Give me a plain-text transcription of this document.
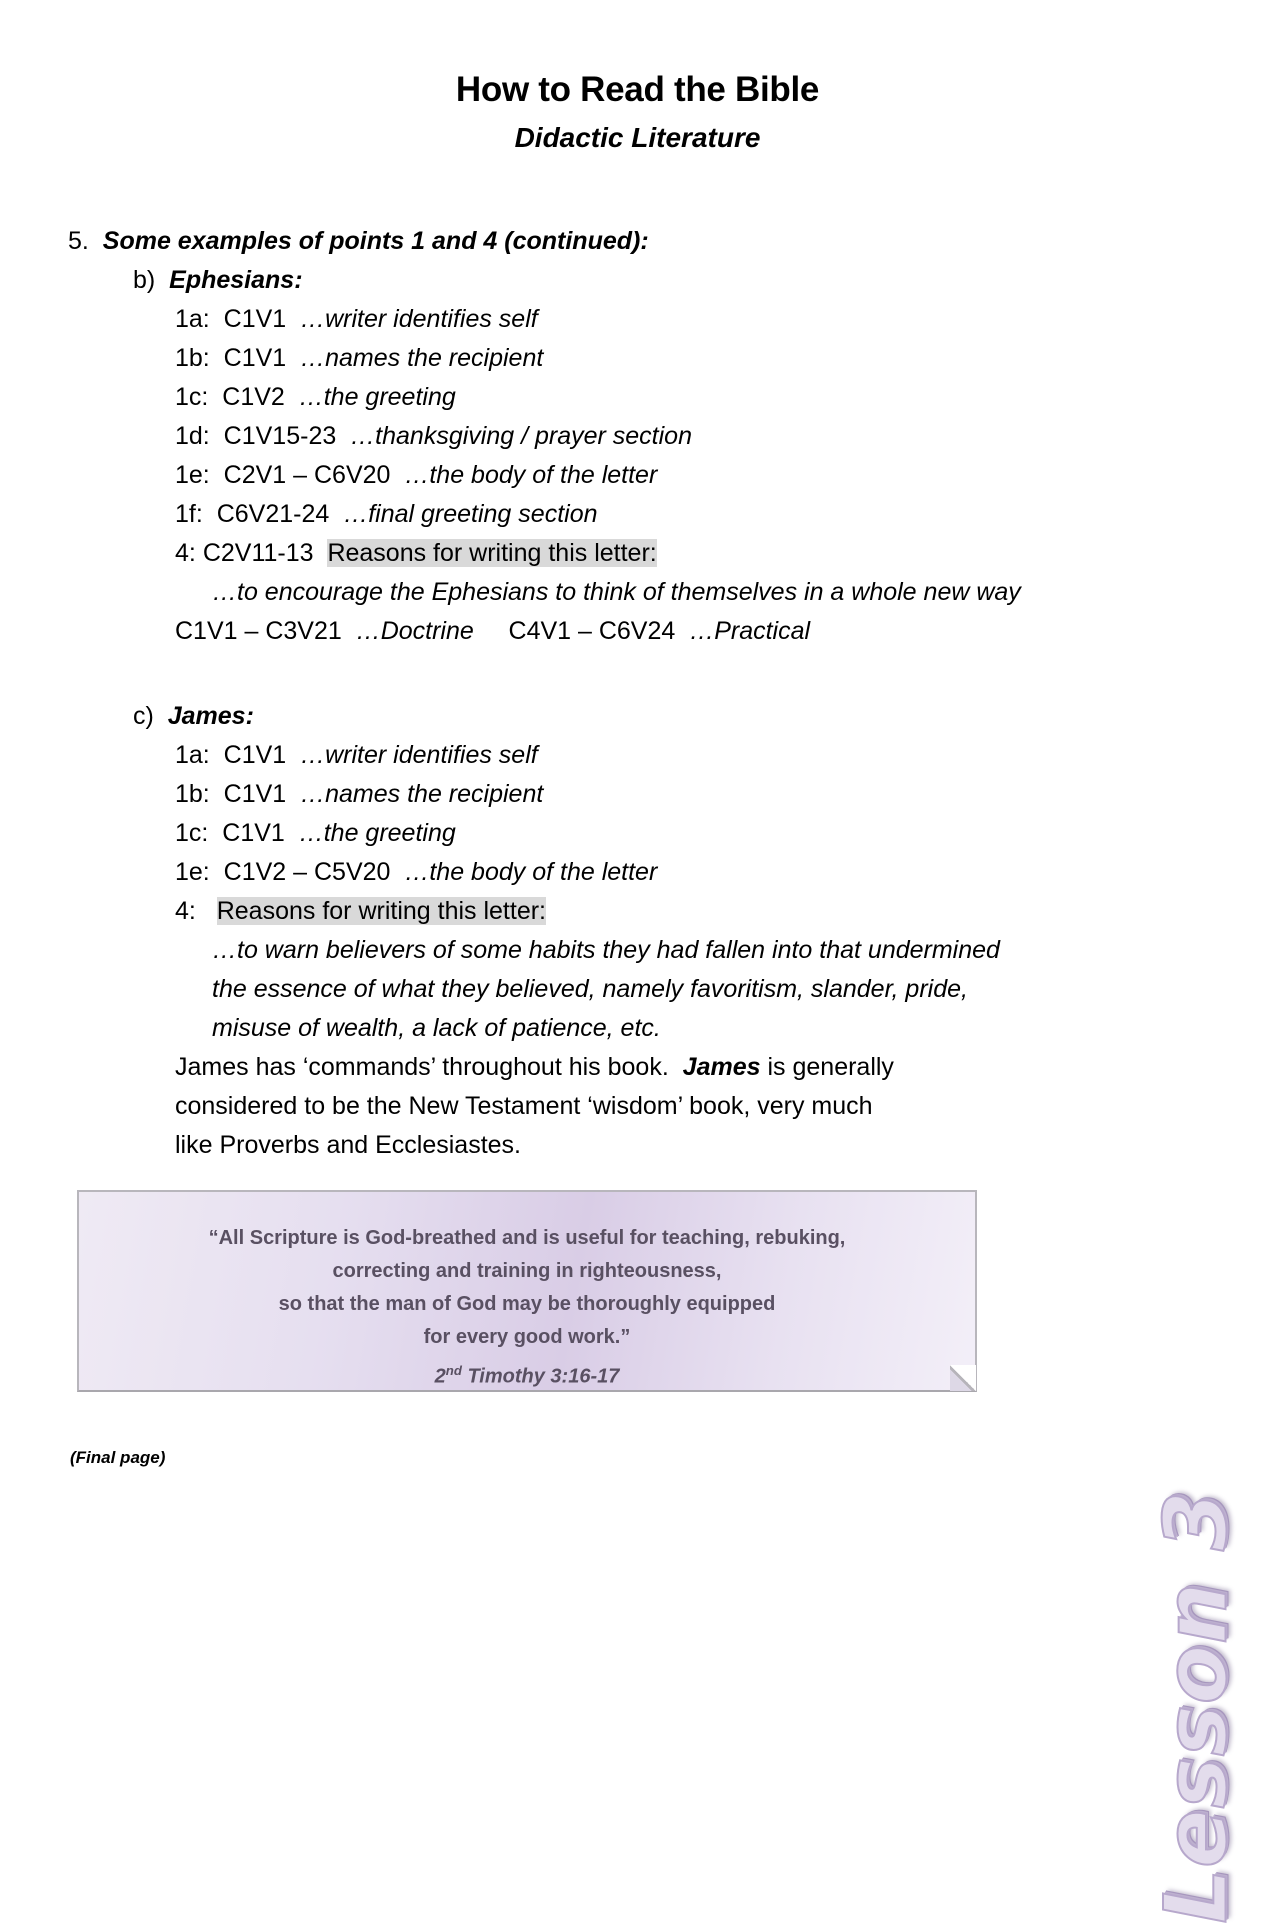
How to Read the Bible
Didactic Literature
5. Some examples of points 1 and 4 (continued):
b) Ephesians:
1a: C1V1 …writer identifies self
1b: C1V1 …names the recipient
1c: C1V2 …the greeting
1d: C1V15-23 …thanksgiving / prayer section
1e: C2V1 – C6V20 …the body of the letter
1f: C6V21-24 …final greeting section
4: C2V11-13 Reasons for writing this letter:
…to encourage the Ephesians to think of themselves in a whole new way
C1V1 – C3V21 …Doctrine C4V1 – C6V24 …Practical
c) James:
1a: C1V1 …writer identifies self
1b: C1V1 …names the recipient
1c: C1V1 …the greeting
1e: C1V2 – C5V20 …the body of the letter
4: Reasons for writing this letter:
…to warn believers of some habits they had fallen into that undermined
the essence of what they believed, namely favoritism, slander, pride,
misuse of wealth, a lack of patience, etc.
James has ‘commands’ throughout his book.  James is generally
considered to be the New Testament ‘wisdom’ book, very much
like Proverbs and Ecclesiastes.
“All Scripture is God-breathed and is useful for teaching, rebuking,
correcting and training in righteousness,
so that the man of God may be thoroughly equipped
for every good work.”
2nd Timothy 3:16-17
Lesson 3
(Final page)
